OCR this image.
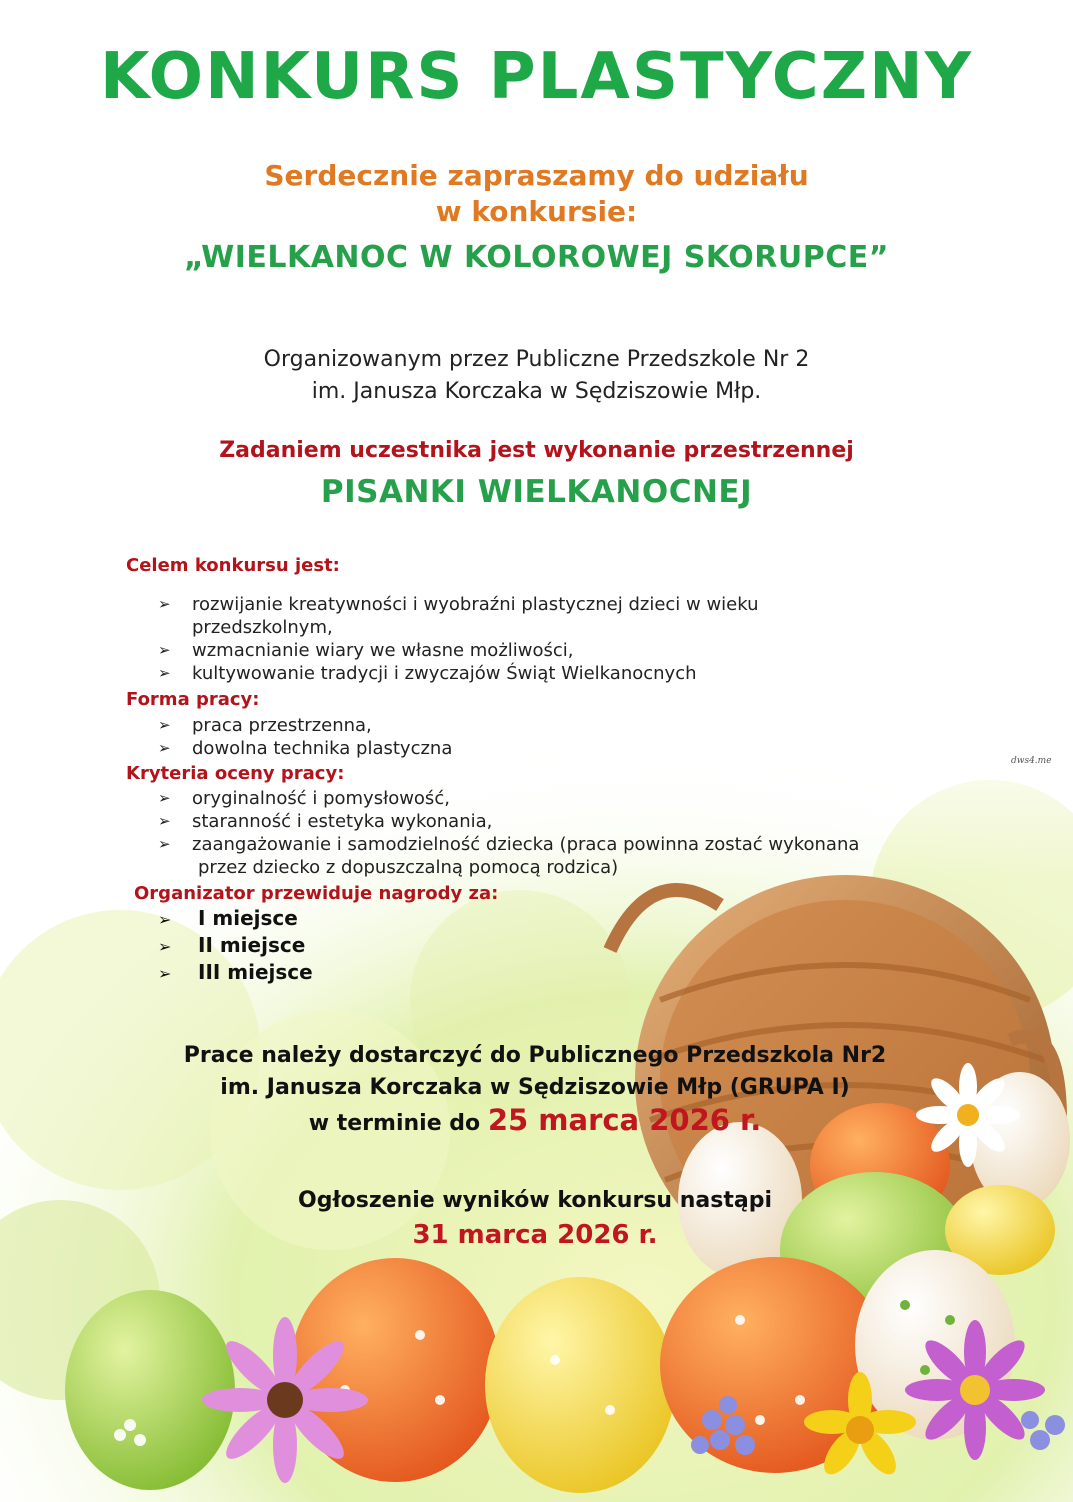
KONKURS PLASTYCZNY
Serdecznie zapraszamy do udziału
w konkursie:
„WIELKANOC W KOLOROWEJ SKORUPCE”
Organizowanym przez Publiczne Przedszkole Nr 2
im. Janusza Korczaka w Sędziszowie Młp.
Zadaniem uczestnika jest wykonanie przestrzennej
PISANKI WIELKANOCNEJ
Celem konkursu jest:
➢ rozwijanie kreatywności i wyobraźni plastycznej dzieci w wieku
przedszkolnym,
➢ wzmacnianie wiary we własne możliwości,
➢ kultywowanie tradycji i zwyczajów Świąt Wielkanocnych
Forma pracy:
➢ praca przestrzenna,
➢ dowolna technika plastyczna
Kryteria oceny pracy:
➢ oryginalność i pomysłowość,
➢ staranność i estetyka wykonania,
➢ zaangażowanie i samodzielność dziecka (praca powinna zostać wykonana
przez dziecko z dopuszczalną pomocą rodzica)
Organizator przewiduje nagrody za:
➢ I miejsce
➢ II miejsce
➢ III miejsce
dws4.me
Prace należy dostarczyć do Publicznego Przedszkola Nr2
im. Janusza Korczaka w Sędziszowie Młp (GRUPA I)
w terminie do 25 marca 2026 r.
Ogłoszenie wyników konkursu nastąpi
31 marca 2026 r.
